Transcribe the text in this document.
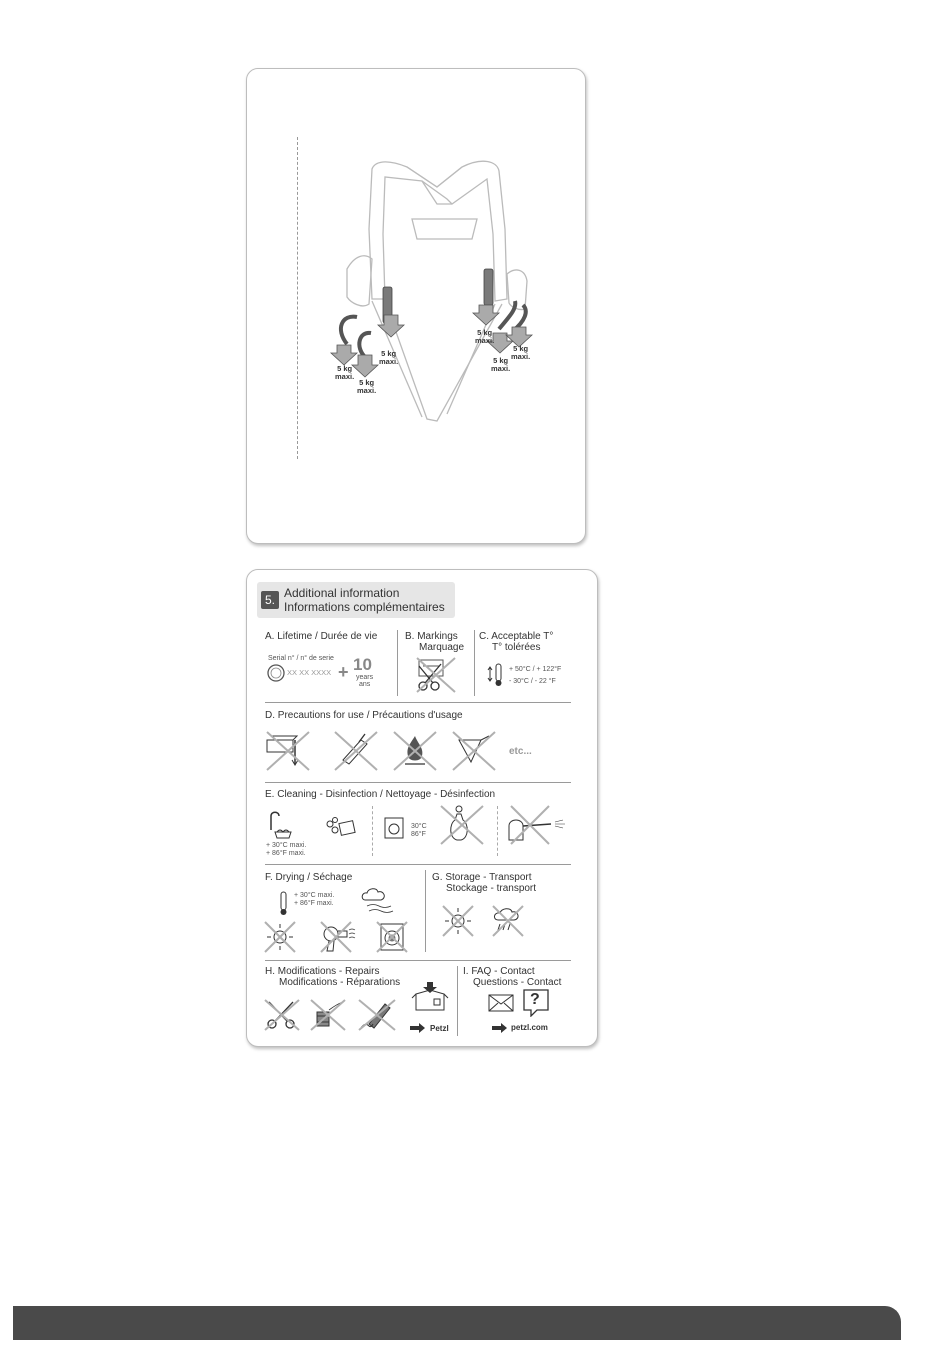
5 kg
maxi.
5 kg
maxi.
5 kg
maxi.
5 kg
maxi.
5 kg
maxi.
5 kg
maxi.
5. Additional information
Informations complémentaires
A. Lifetime / Durée de vie
Serial n° / n° de serie
XX XX XXXX + 10
years
ans
B. Markings
Marquage
C. Acceptable T°
T° tolérées
+ 50°C / + 122°F
- 30°C / - 22 °F
D. Precautions for use / Précautions d'usage
etc...
E. Cleaning - Disinfection / Nettoyage - Désinfection
+ 30°C maxi.
+ 86°F maxi.
30°C
86°F
F. Drying / Séchage
+ 30°C maxi.
+ 86°F maxi.
G. Storage - Transport
Stockage - transport
H. Modifications - Repairs
Modifications - Réparations
Petzl
I. FAQ - Contact
Questions - Contact
?
petzl.com
